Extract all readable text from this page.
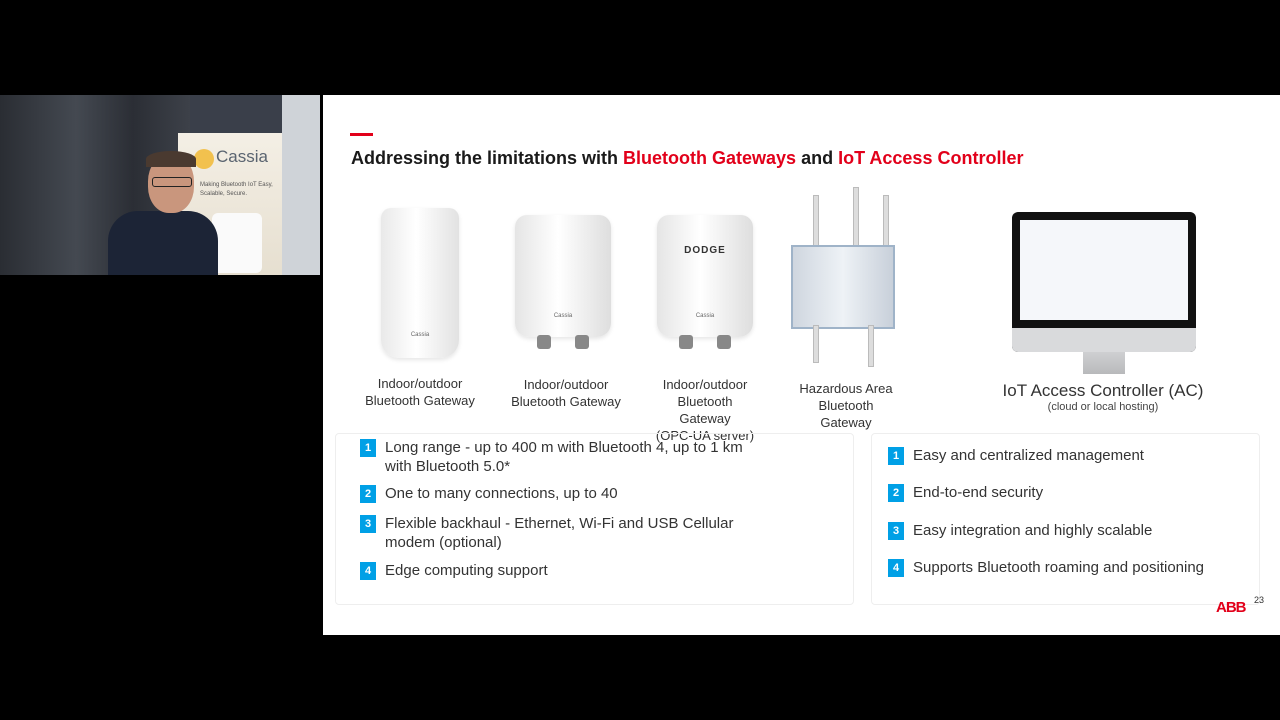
Cassia
Making Bluetooth IoT Easy, Scalable, Secure.
Ven Krueger
Addressing the limitations with Bluetooth Gateways and IoT Access Controller
Cassia
Cassia
DODGE
Cassia
Indoor/outdoor
Bluetooth Gateway
Indoor/outdoor
Bluetooth Gateway
Indoor/outdoor
Bluetooth
Gateway
(OPC-UA server)
Hazardous Area
Bluetooth
Gateway
IoT Access Controller (AC)
(cloud or local hosting)
1 Long range - up to 400 m with Bluetooth 4, up to 1 km with Bluetooth 5.0*
2 One to many connections, up to 40
3 Flexible backhaul - Ethernet, Wi-Fi and USB Cellular modem (optional)
4 Edge computing support
1 Easy and centralized management
2 End-to-end security
3 Easy integration and highly scalable
4 Supports Bluetooth roaming and positioning
ABB 23
